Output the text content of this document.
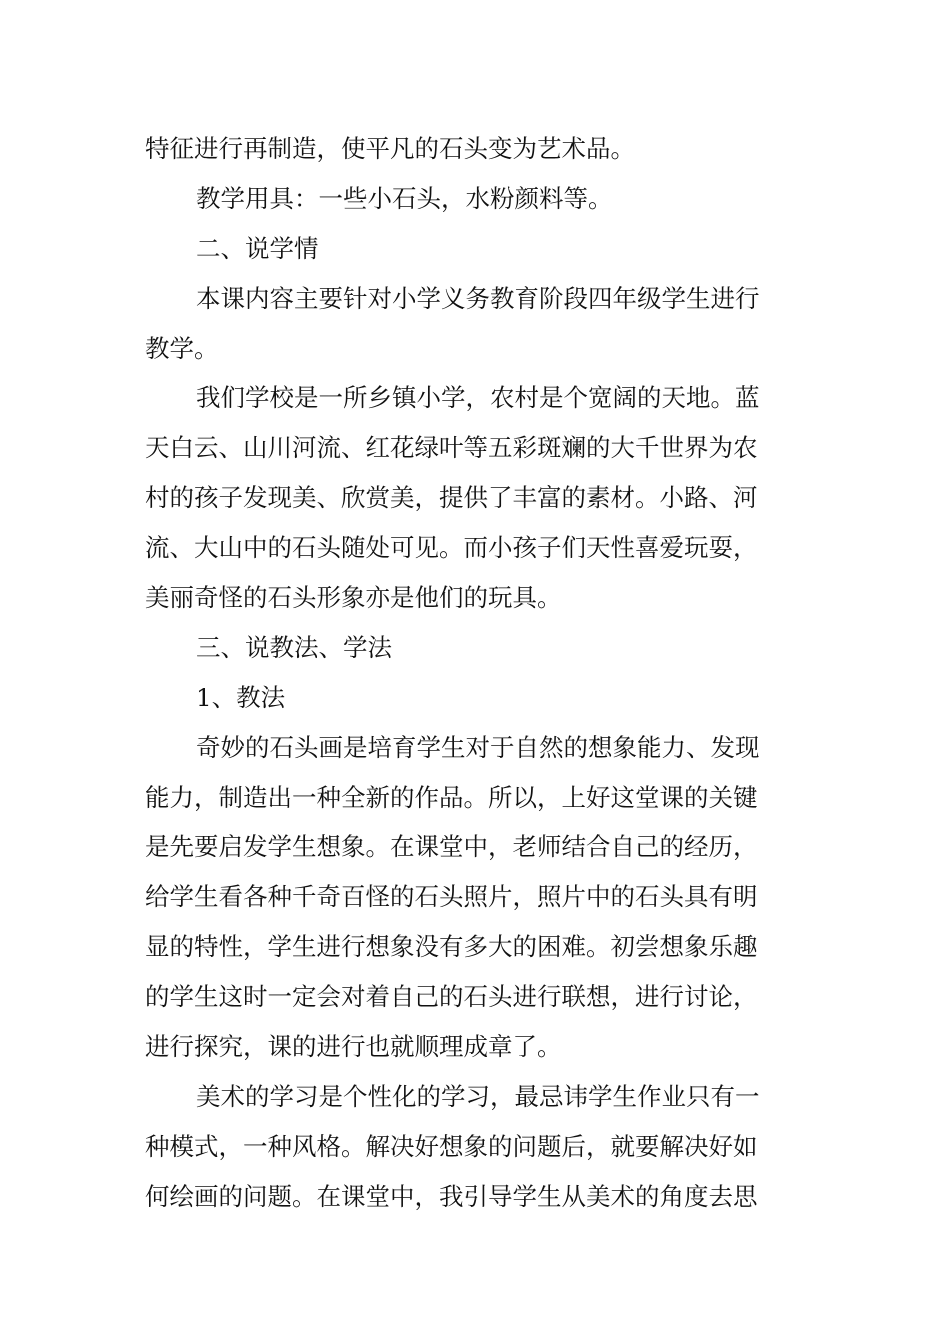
特征进行再制造，使平凡的石头变为艺术品。
教学用具：一些小石头，水粉颜料等。
二、说学情
本课内容主要针对小学义务教育阶段四年级学生进行
教学。
我们学校是一所乡镇小学，农村是个宽阔的天地。蓝
天白云、山川河流、红花绿叶等五彩斑斓的大千世界为农
村的孩子发现美、欣赏美，提供了丰富的素材。小路、河
流、大山中的石头随处可见。而小孩子们天性喜爱玩耍，
美丽奇怪的石头形象亦是他们的玩具。
三、说教法、学法
1、教法
奇妙的石头画是培育学生对于自然的想象能力、发现
能力，制造出一种全新的作品。所以，上好这堂课的关键
是先要启发学生想象。在课堂中，老师结合自己的经历，
给学生看各种千奇百怪的石头照片，照片中的石头具有明
显的特性，学生进行想象没有多大的困难。初尝想象乐趣
的学生这时一定会对着自己的石头进行联想，进行讨论，
进行探究，课的进行也就顺理成章了。
美术的学习是个性化的学习，最忌讳学生作业只有一
种模式，一种风格。解决好想象的问题后，就要解决好如
何绘画的问题。在课堂中，我引导学生从美术的角度去思
